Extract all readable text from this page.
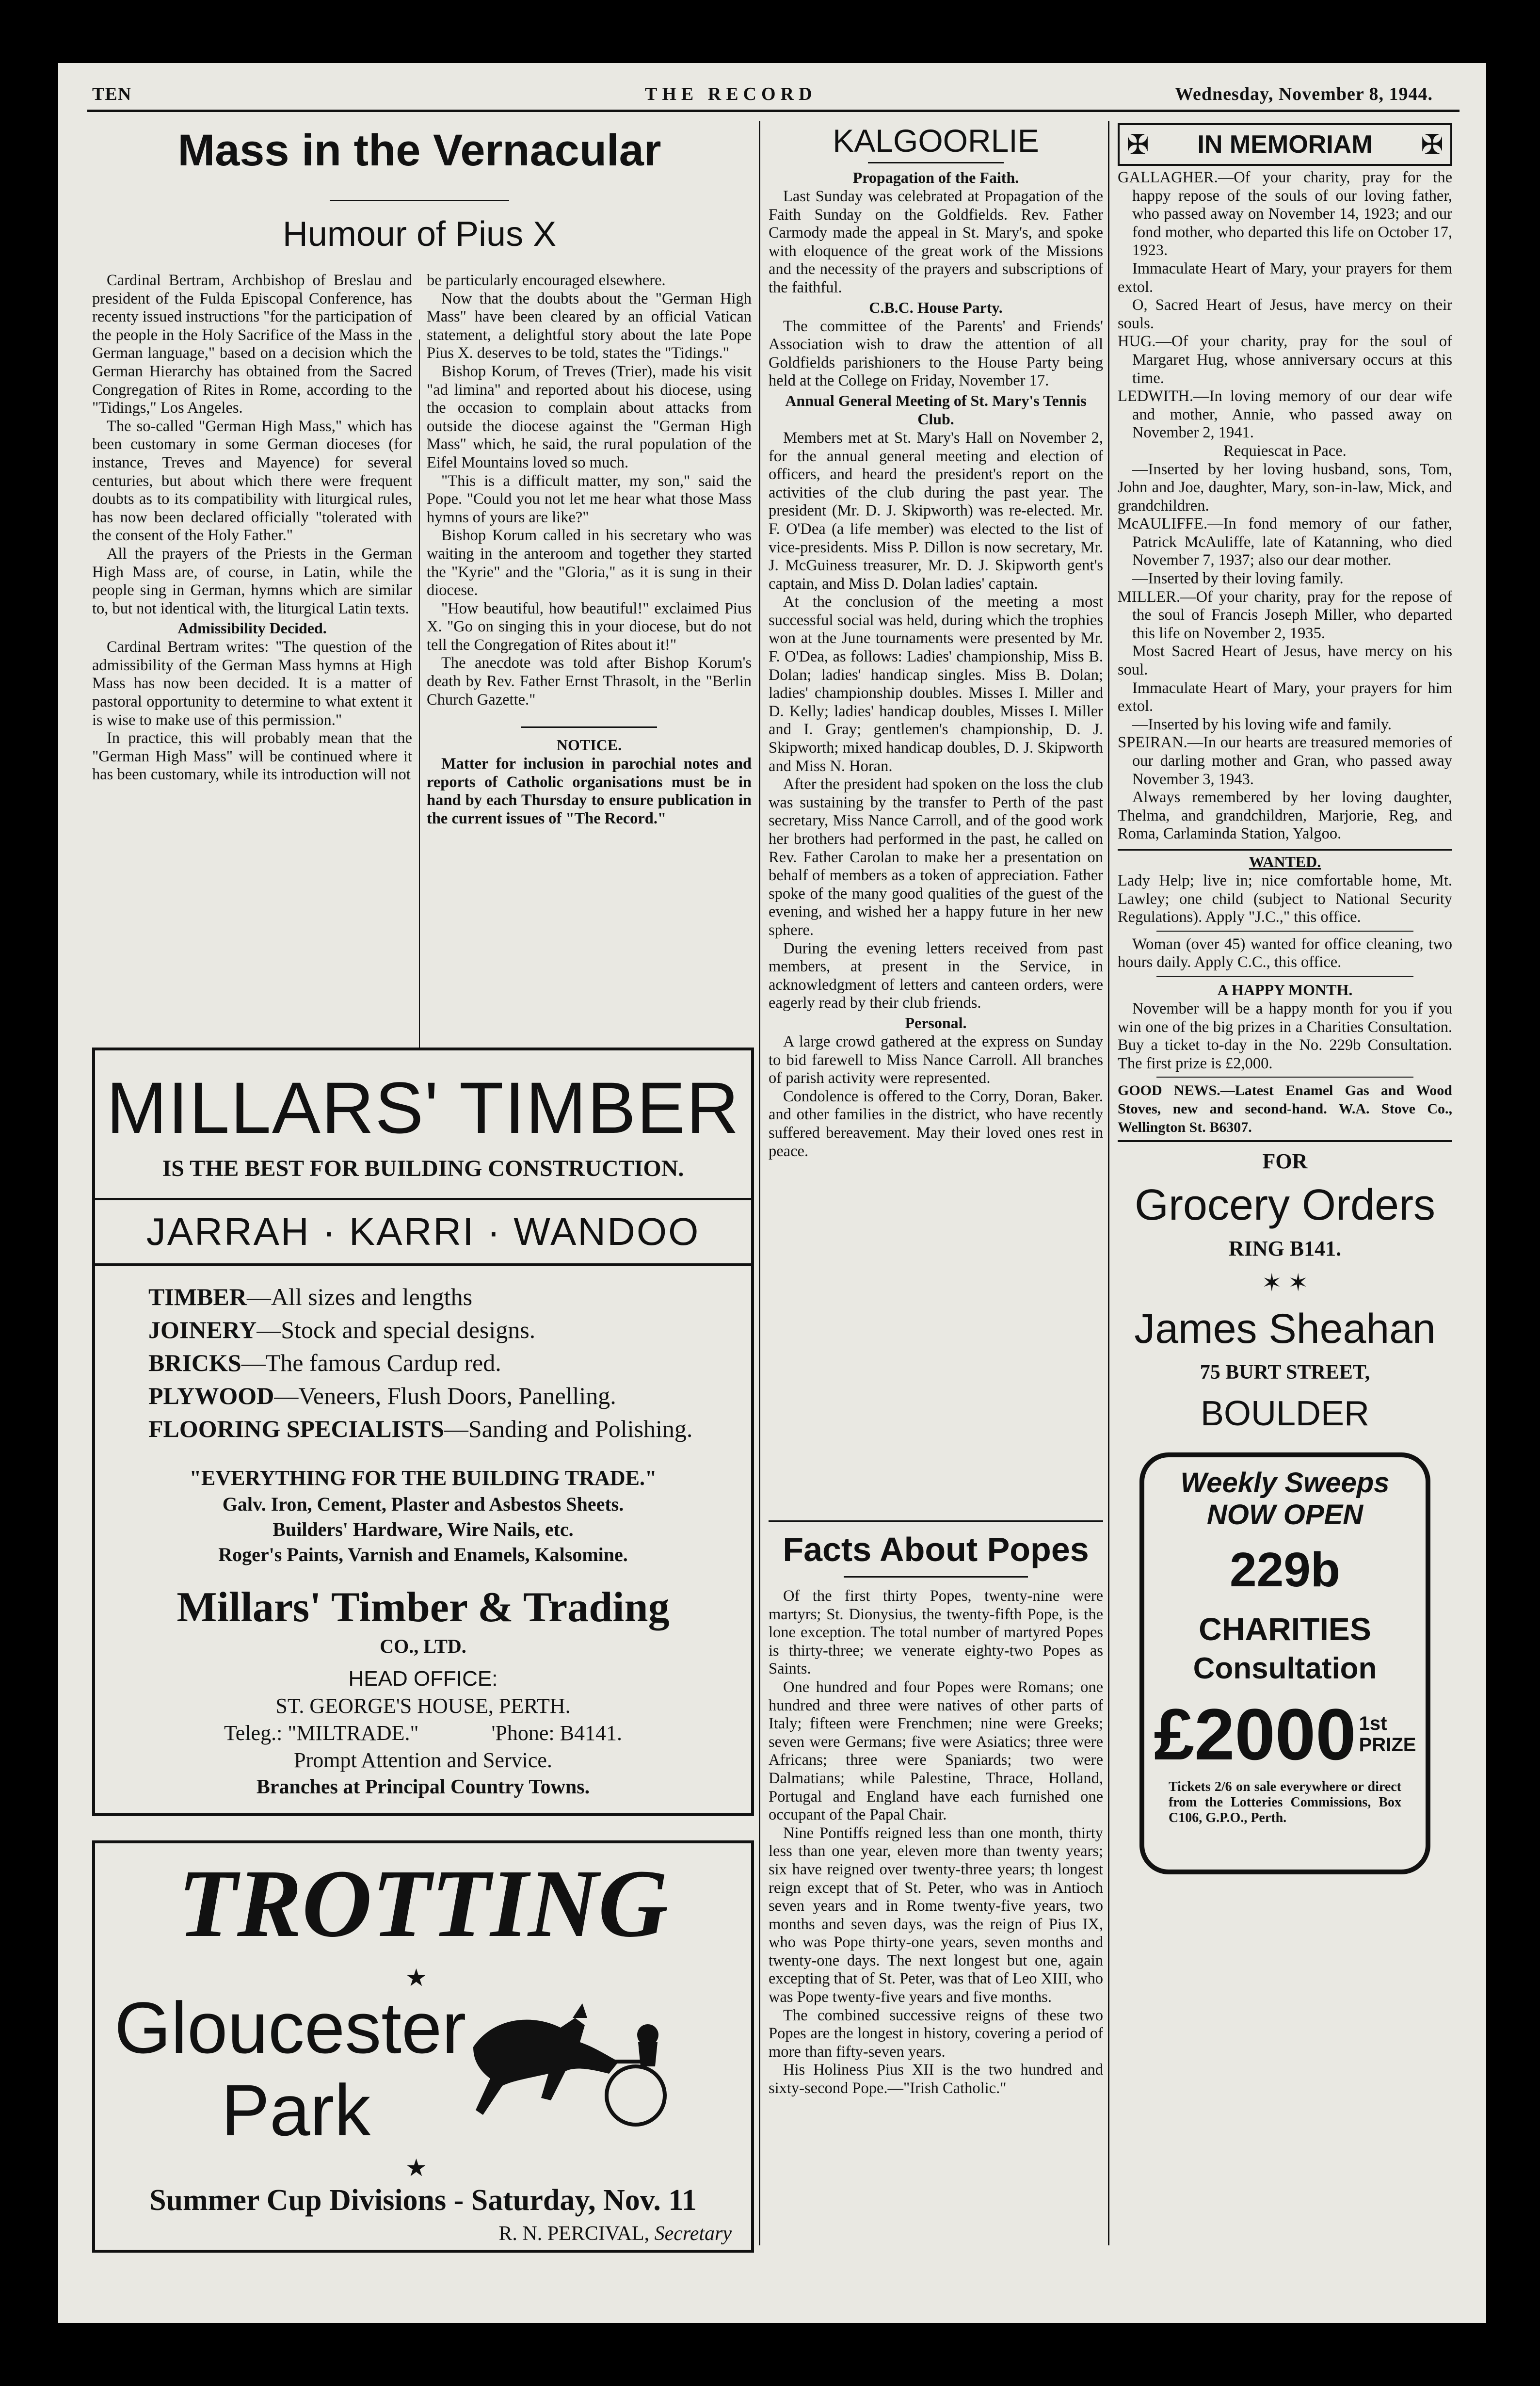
TEN	THE RECORD	Wednesday, November 8, 1944.
Mass in the Vernacular
Humour of Pius X

Cardinal Bertram, Archbishop of Breslau and president of the Fulda Episcopal Conference, has recenty issued instructions "for the participation of the people in the Holy Sacrifice of the Mass in the German language," based on a decision which the German Hierarchy has obtained from the Sacred Congregation of Rites in Rome, according to the "Tidings," Los Angeles.

The so-called "German High Mass," which has been customary in some German dioceses (for instance, Treves and Mayence) for several centuries, but about which there were frequent doubts as to its compatibility with liturgical rules, has now been declared officially "tolerated with the consent of the Holy Father."

All the prayers of the Priests in the German High Mass are, of course, in Latin, while the people sing in German, hymns which are similar to, but not identical with, the liturgical Latin texts.

Admissibility Decided.

Cardinal Bertram writes: "The question of the admissibility of the German Mass hymns at High Mass has now been decided. It is a matter of pastoral opportunity to determine to what extent it is wise to make use of this permission."

In practice, this will probably mean that the "German High Mass" will be continued where it has been customary, while its introduction will not

be particularly encouraged elsewhere.

Now that the doubts about the "German High Mass" have been cleared by an official Vatican statement, a delightful story about the late Pope Pius X. deserves to be told, states the "Tidings."

Bishop Korum, of Treves (Trier), made his visit "ad limina" and reported about his diocese, using the occasion to complain about attacks from outside the diocese against the "German High Mass" which, he said, the rural population of the Eifel Mountains loved so much.

"This is a difficult matter, my son," said the Pope. "Could you not let me hear what those Mass hymns of yours are like?"

Bishop Korum called in his secretary who was waiting in the anteroom and together they started the "Kyrie" and the "Gloria," as it is sung in their diocese.

"How beautiful, how beautiful!" exclaimed Pius X. "Go on singing this in your diocese, but do not tell the Congregation of Rites about it!"

The anecdote was told after Bishop Korum's death by Rev. Father Ernst Thrasolt, in the "Berlin Church Gazette."

NOTICE.

Matter for inclusion in parochial notes and reports of Catholic organisations must be in hand by each Thursday to ensure publication in the current issues of "The Record."

MILLARS' TIMBER
IS THE BEST FOR BUILDING CONSTRUCTION.
JARRAH · KARRI · WANDOO
TIMBER—All sizes and lengths
JOINERY—Stock and special designs.
BRICKS—The famous Cardup red.
PLYWOOD—Veneers, Flush Doors, Panelling.
FLOORING SPECIALISTS—Sanding and Polishing.
"EVERYTHING FOR THE BUILDING TRADE."
Galv. Iron, Cement, Plaster and Asbestos Sheets.
Builders' Hardware, Wire Nails, etc.
Roger's Paints, Varnish and Enamels, Kalsomine.
Millars' Timber & Trading
CO., LTD.
HEAD OFFICE:
ST. GEORGE'S HOUSE, PERTH.
Teleg.: "MILTRADE."	'Phone: B4141.
Prompt Attention and Service.
Branches at Principal Country Towns.
TROTTING
★
Gloucester
Park
★
Summer Cup Divisions - Saturday, Nov. 11
R. N. PERCIVAL, Secretary
KALGOORLIE
Propagation of the Faith.

Last Sunday was celebrated at Propagation of the Faith Sunday on the Goldfields. Rev. Father Carmody made the appeal in St. Mary's, and spoke with eloquence of the great work of the Missions and the necessity of the prayers and subscriptions of the faithful.

C.B.C. House Party.

The committee of the Parents' and Friends' Association wish to draw the attention of all Goldfields parishioners to the House Party being held at the College on Friday, November 17.

Annual General Meeting of St. Mary's Tennis Club.

Members met at St. Mary's Hall on November 2, for the annual general meeting and election of officers, and heard the president's report on the activities of the club during the past year. The president (Mr. D. J. Skipworth) was re-elected. Mr. F. O'Dea (a life member) was elected to the list of vice-presidents. Miss P. Dillon is now secretary, Mr. J. McGuiness treasurer, Mr. D. J. Skipworth gent's captain, and Miss D. Dolan ladies' captain.

At the conclusion of the meeting a most successful social was held, during which the trophies won at the June tournaments were presented by Mr. F. O'Dea, as follows: Ladies' championship, Miss B. Dolan; ladies' handicap singles. Miss B. Dolan; ladies' championship doubles. Misses I. Miller and D. Kelly; ladies' handicap doubles, Misses I. Miller and I. Gray; gentlemen's championship, D. J. Skipworth; mixed handicap doubles, D. J. Skipworth and Miss N. Horan.

After the president had spoken on the loss the club was sustaining by the transfer to Perth of the past secretary, Miss Nance Carroll, and of the good work her brothers had performed in the past, he called on Rev. Father Carolan to make her a presentation on behalf of members as a token of appreciation. Father spoke of the many good qualities of the guest of the evening, and wished her a happy future in her new sphere.

During the evening letters received from past members, at present in the Service, in acknowledgment of letters and canteen orders, were eagerly read by their club friends.

Personal.

A large crowd gathered at the express on Sunday to bid farewell to Miss Nance Carroll. All branches of parish activity were represented.

Condolence is offered to the Corry, Doran, Baker. and other families in the district, who have recently suffered bereavement. May their loved ones rest in peace.

Facts About Popes

Of the first thirty Popes, twenty-nine were martyrs; St. Dionysius, the twenty-fifth Pope, is the lone exception. The total number of martyred Popes is thirty-three; we venerate eighty-two Popes as Saints.

One hundred and four Popes were Romans; one hundred and three were natives of other parts of Italy; fifteen were Frenchmen; nine were Greeks; seven were Germans; five were Asiatics; three were Africans; three were Spaniards; two were Dalmatians; while Palestine, Thrace, Holland, Portugal and England have each furnished one occupant of the Papal Chair.

Nine Pontiffs reigned less than one month, thirty less than one year, eleven more than twenty years; six have reigned over twenty-three years; th longest reign except that of St. Peter, who was in Antioch seven years and in Rome twenty-five years, two months and seven days, was the reign of Pius IX, who was Pope thirty-one years, seven months and twenty-one days. The next longest but one, again excepting that of St. Peter, was that of Leo XIII, who was Pope twenty-five years and five months.

The combined successive reigns of these two Popes are the longest in history, covering a period of more than fifty-seven years.

His Holiness Pius XII is the two hundred and sixty-second Pope.—"Irish Catholic."

✠ IN MEMORIAM ✠

GALLAGHER.—Of your charity, pray for the happy repose of the souls of our loving father, who passed away on November 14, 1923; and our fond mother, who departed this life on October 17, 1923.

Immaculate Heart of Mary, your prayers for them extol.

O, Sacred Heart of Jesus, have mercy on their souls.

HUG.—Of your charity, pray for the soul of Margaret Hug, whose anniversary occurs at this time.

LEDWITH.—In loving memory of our dear wife and mother, Annie, who passed away on November 2, 1941.

Requiescat in Pace.

—Inserted by her loving husband, sons, Tom, John and Joe, daughter, Mary, son-in-law, Mick, and grandchildren.

McAULIFFE.—In fond memory of our father, Patrick McAuliffe, late of Katanning, who died November 7, 1937; also our dear mother.

—Inserted by their loving family.

MILLER.—Of your charity, pray for the repose of the soul of Francis Joseph Miller, who departed this life on November 2, 1935.

Most Sacred Heart of Jesus, have mercy on his soul.

Immaculate Heart of Mary, your prayers for him extol.

—Inserted by his loving wife and family.

SPEIRAN.—In our hearts are treasured memories of our darling mother and Gran, who passed away November 3, 1943.

Always remembered by her loving daughter, Thelma, and grandchildren, Marjorie, Reg, and Roma, Carlaminda Station, Yalgoo.

WANTED.

Lady Help; live in; nice comfortable home, Mt. Lawley; one child (subject to National Security Regulations). Apply "J.C.," this office.

Woman (over 45) wanted for office cleaning, two hours daily. Apply C.C., this office.

A HAPPY MONTH.

November will be a happy month for you if you win one of the big prizes in a Charities Consultation. Buy a ticket to-day in the No. 229b Consultation. The first prize is £2,000.

GOOD NEWS.—Latest Enamel Gas and Wood Stoves, new and second-hand. W.A. Stove Co., Wellington St. B6307.

FOR
Grocery Orders
RING B141.
✶ ✶
James Sheahan
75 BURT STREET,
BOULDER
Weekly Sweeps
NOW OPEN
229b
CHARITIES
Consultation
£2000 1st
PRIZE

Tickets 2/6 on sale everywhere or direct from the Lotteries Commissions, Box C106, G.P.O., Perth.
